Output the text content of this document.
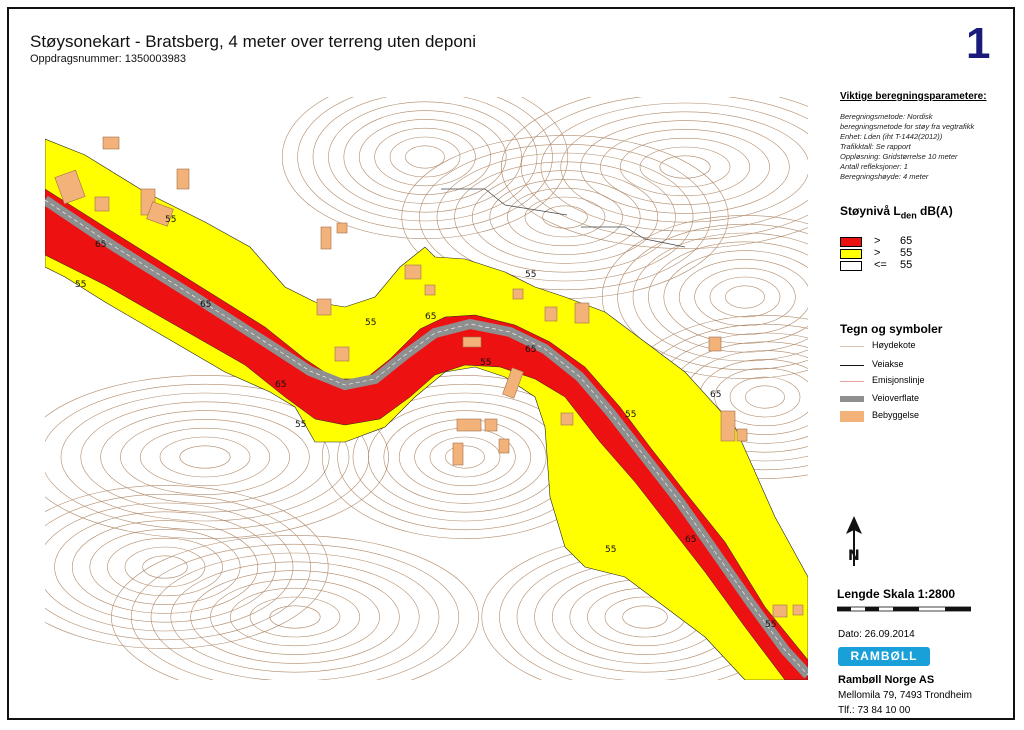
Støysonekart - Bratsberg, 4 meter over terreng uten deponi
Oppdragsnummer: 1350003983	1
55
65
55
65
55
65
65
55
55
65
55
55
65
55
65
55
Viktige beregningsparametere:
Beregningsmetode: Nordisk
beregningsmetode for støy fra vegtrafikk
Enhet: Lden (iht T-1442(2012))
Trafikktall: Se rapport
Oppløsning: Gridstørrelse 10 meter
Antall refleksjoner: 1
Beregningshøyde: 4 meter
Støynivå $L_{den}$ dB(A)
> 65
> 55
<= 55
Tegn og symboler
Høydekote
Veiakse
Emisjonslinje
Veioverflate
Bebyggelse
N
Lengde Skala 1:2800
Dato: 26.09.2014
RAMBØLL
Rambøll Norge AS
Mellomila 79, 7493 Trondheim
Tlf.: 73 84 10 00
